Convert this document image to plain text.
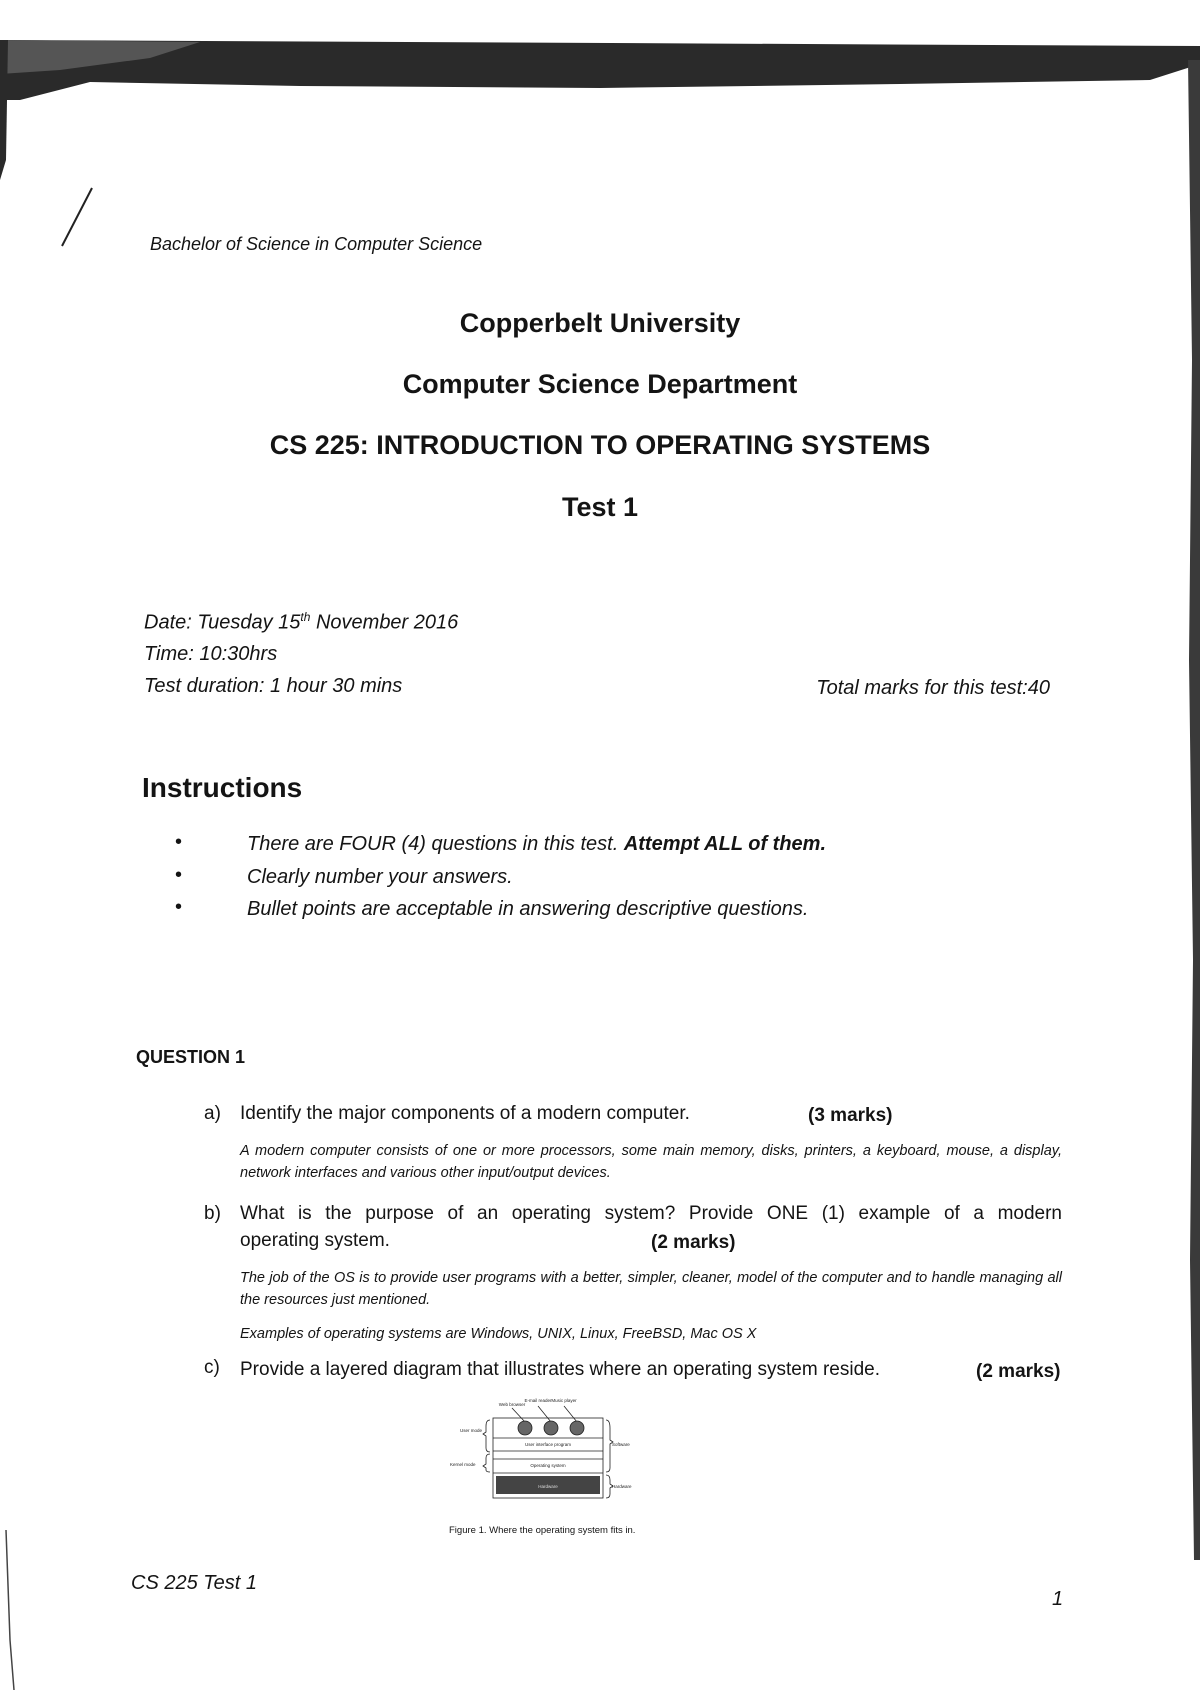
Bachelor of Science in Computer Science
Copperbelt University
Computer Science Department
CS 225: INTRODUCTION TO OPERATING SYSTEMS
Test 1
Date: Tuesday 15th November 2016
Time: 10:30hrs
Test duration: 1 hour 30 mins	Total marks for this test:40
Instructions
•	There are FOUR (4) questions in this test. Attempt ALL of them.
•	Clearly number your answers.
•	Bullet points are acceptable in answering descriptive questions.
QUESTION 1
a) Identify the major components of a modern computer.	(3 marks)
A modern computer consists of one or more processors, some main memory, disks, printers, a keyboard, mouse, a display, network interfaces and various other input/output devices.
b) What is the purpose of an operating system? Provide ONE (1) example of a modern
operating system.	(2 marks)
The job of the OS is to provide user programs with a better, simpler, cleaner, model of the computer and to handle managing all the resources just mentioned.
Examples of operating systems are Windows, UNIX, Linux, FreeBSD, Mac OS X
c) Provide a layered diagram that illustrates where an operating system reside.	(2 marks)
Web browser
E-mail reader Music player
User interface program
Operating system
Hardware
User mode
Kernel mode
Software
Hardware
Figure 1. Where the operating system fits in.
CS 225 Test 1
1
